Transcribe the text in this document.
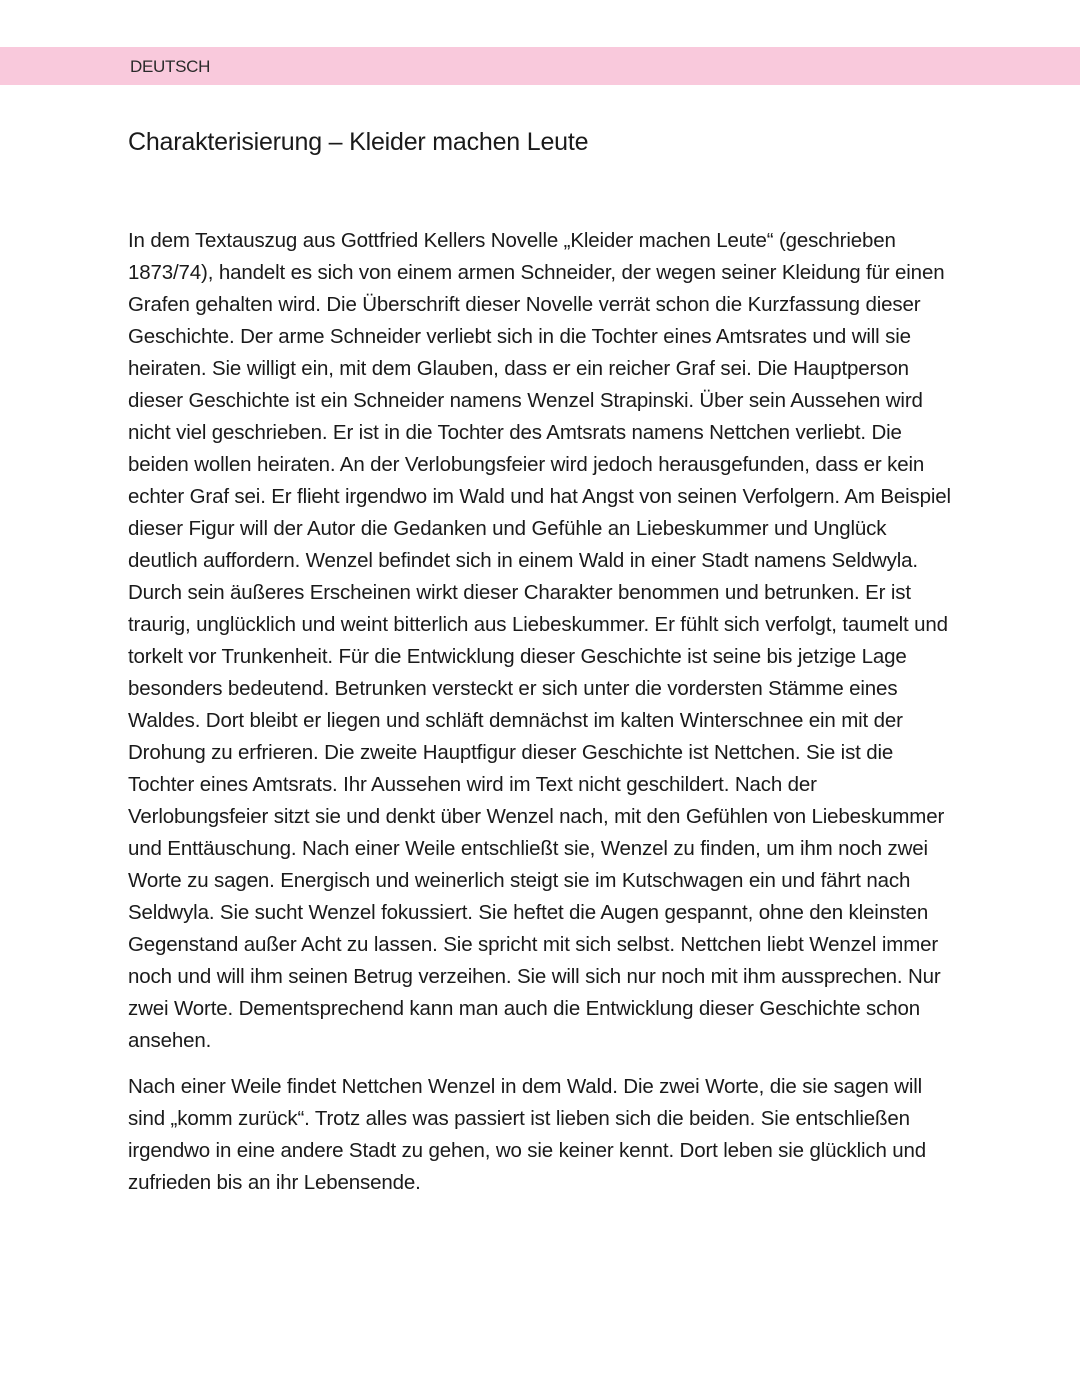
DEUTSCH
Charakterisierung – Kleider machen Leute

In dem Textauszug aus Gottfried Kellers Novelle „Kleider machen Leute“ (geschrieben 1873/74), handelt es sich von einem armen Schneider, der wegen seiner Kleidung für einen Grafen gehalten wird. Die Überschrift dieser Novelle verrät schon die Kurzfassung dieser Geschichte. Der arme Schneider verliebt sich in die Tochter eines Amtsrates und will sie heiraten. Sie willigt ein, mit dem Glauben, dass er ein reicher Graf sei. Die Hauptperson dieser Geschichte ist ein Schneider namens Wenzel Strapinski. Über sein Aussehen wird nicht viel geschrieben. Er ist in die Tochter des Amtsrats namens Nettchen verliebt. Die beiden wollen heiraten. An der Verlobungsfeier wird jedoch herausgefunden, dass er kein echter Graf sei. Er flieht irgendwo im Wald und hat Angst von seinen Verfolgern. Am Beispiel dieser Figur will der Autor die Gedanken und Gefühle an Liebeskummer und Unglück deutlich auffordern. Wenzel befindet sich in einem Wald in einer Stadt namens Seldwyla. Durch sein äußeres Erscheinen wirkt dieser Charakter benommen und betrunken. Er ist traurig, unglücklich und weint bitterlich aus Liebeskummer. Er fühlt sich verfolgt, taumelt und torkelt vor Trunkenheit. Für die Entwicklung dieser Geschichte ist seine bis jetzige Lage besonders bedeutend. Betrunken versteckt er sich unter die vordersten Stämme eines Waldes. Dort bleibt er liegen und schläft demnächst im kalten Winterschnee ein mit der Drohung zu erfrieren. Die zweite Hauptfigur dieser Geschichte ist Nettchen. Sie ist die Tochter eines Amtsrats. Ihr Aussehen wird im Text nicht geschildert. Nach der Verlobungsfeier sitzt sie und denkt über Wenzel nach, mit den Gefühlen von Liebeskummer und Enttäuschung. Nach einer Weile entschließt sie, Wenzel zu finden, um ihm noch zwei Worte zu sagen. Energisch und weinerlich steigt sie im Kutschwagen ein und fährt nach Seldwyla. Sie sucht Wenzel fokussiert. Sie heftet die Augen gespannt, ohne den kleinsten Gegenstand außer Acht zu lassen. Sie spricht mit sich selbst. Nettchen liebt Wenzel immer noch und will ihm seinen Betrug verzeihen. Sie will sich nur noch mit ihm aussprechen. Nur zwei Worte. Dementsprechend kann man auch die Entwicklung dieser Geschichte schon ansehen.

Nach einer Weile findet Nettchen Wenzel in dem Wald. Die zwei Worte, die sie sagen will sind „komm zurück“. Trotz alles was passiert ist lieben sich die beiden. Sie entschließen irgendwo in eine andere Stadt zu gehen, wo sie keiner kennt. Dort leben sie glücklich und zufrieden bis an ihr Lebensende.
